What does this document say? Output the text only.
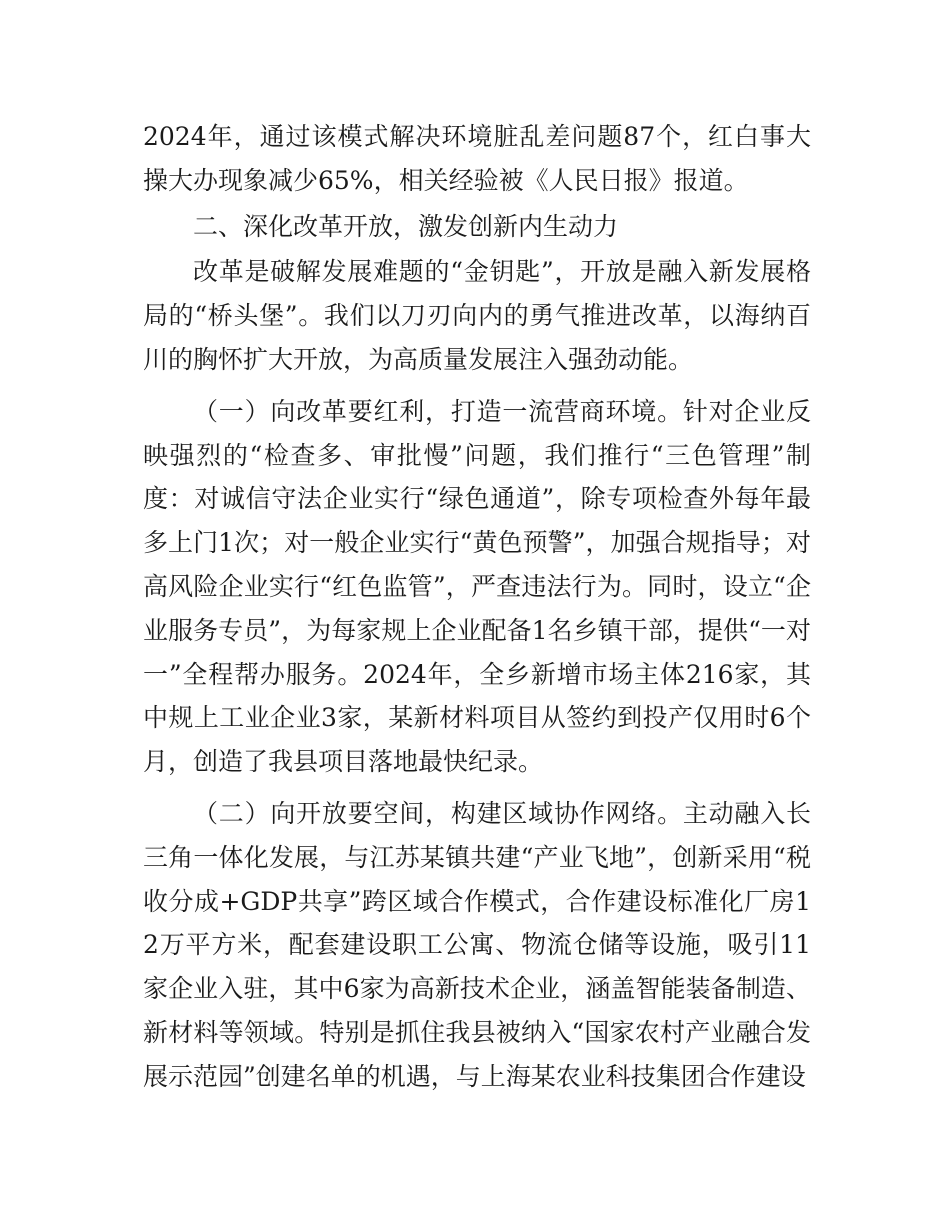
2024年，通过该模式解决环境脏乱差问题87个，红白事大操大办现象减少65%，相关经验被《人民日报》报道。

二、深化改革开放，激发创新内生动力

改革是破解发展难题的“金钥匙”，开放是融入新发展格局的“桥头堡”。我们以刀刃向内的勇气推进改革，以海纳百川的胸怀扩大开放，为高质量发展注入强劲动能。

（一）向改革要红利，打造一流营商环境。针对企业反映强烈的“检查多、审批慢”问题，我们推行“三色管理”制度：对诚信守法企业实行“绿色通道”，除专项检查外每年最多上门1次；对一般企业实行“黄色预警”，加强合规指导；对高风险企业实行“红色监管”，严查违法行为。同时，设立“企业服务专员”，为每家规上企业配备1名乡镇干部，提供“一对一”全程帮办服务。2024年，全乡新增市场主体216家，其中规上工业企业3家，某新材料项目从签约到投产仅用时6个月，创造了我县项目落地最快纪录。

（二）向开放要空间，构建区域协作网络。主动融入长三角一体化发展，与江苏某镇共建“产业飞地”，创新采用“税收分成+GDP共享”跨区域合作模式，合作建设标准化厂房12万平方米，配套建设职工公寓、物流仓储等设施，吸引11家企业入驻，其中6家为高新技术企业，涵盖智能装备制造、新材料等领域。特别是抓住我县被纳入“国家农村产业融合发展示范园”创建名单的机遇，与上海某农业科技集团合作建设
